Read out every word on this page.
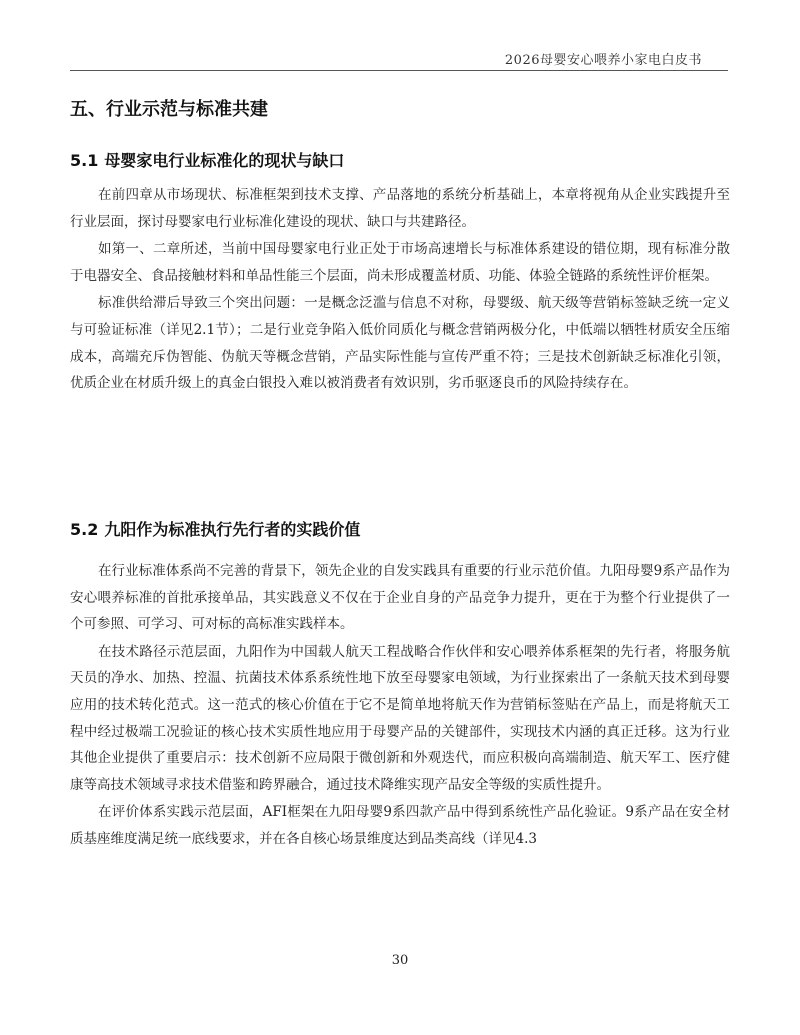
2026母婴安心喂养小家电白皮书
五、行业示范与标准共建
5.1 母婴家电行业标准化的现状与缺口

在前四章从市场现状、标准框架到技术支撑、产品落地的系统分析基础上，本章将视角从企业实践提升至行业层面，探讨母婴家电行业标准化建设的现状、缺口与共建路径。

如第一、二章所述，当前中国母婴家电行业正处于市场高速增长与标准体系建设的错位期，现有标准分散于电器安全、食品接触材料和单品性能三个层面，尚未形成覆盖材质、功能、体验全链路的系统性评价框架。

标准供给滞后导致三个突出问题：一是概念泛滥与信息不对称，母婴级、航天级等营销标签缺乏统一定义与可验证标准（详见2.1节）；二是行业竞争陷入低价同质化与概念营销两极分化，中低端以牺牲材质安全压缩成本，高端充斥伪智能、伪航天等概念营销，产品实际性能与宣传严重不符；三是技术创新缺乏标准化引领，优质企业在材质升级上的真金白银投入难以被消费者有效识别，劣币驱逐良币的风险持续存在。

5.2 九阳作为标准执行先行者的实践价值

在行业标准体系尚不完善的背景下，领先企业的自发实践具有重要的行业示范价值。九阳母婴9系产品作为安心喂养标准的首批承接单品，其实践意义不仅在于企业自身的产品竞争力提升，更在于为整个行业提供了一个可参照、可学习、可对标的高标准实践样本。

在技术路径示范层面，九阳作为中国载人航天工程战略合作伙伴和安心喂养体系框架的先行者，将服务航天员的净水、加热、控温、抗菌技术体系系统性地下放至母婴家电领域，为行业探索出了一条航天技术到母婴应用的技术转化范式。这一范式的核心价值在于它不是简单地将航天作为营销标签贴在产品上，而是将航天工程中经过极端工况验证的核心技术实质性地应用于母婴产品的关键部件，实现技术内涵的真正迁移。这为行业其他企业提供了重要启示：技术创新不应局限于微创新和外观迭代，而应积极向高端制造、航天军工、医疗健康等高技术领域寻求技术借鉴和跨界融合，通过技术降维实现产品安全等级的实质性提升。

在评价体系实践示范层面，AFI框架在九阳母婴9系四款产品中得到系统性产品化验证。9系产品在安全材质基座维度满足统一底线要求，并在各自核心场景维度达到品类高线（详见4.3

30
